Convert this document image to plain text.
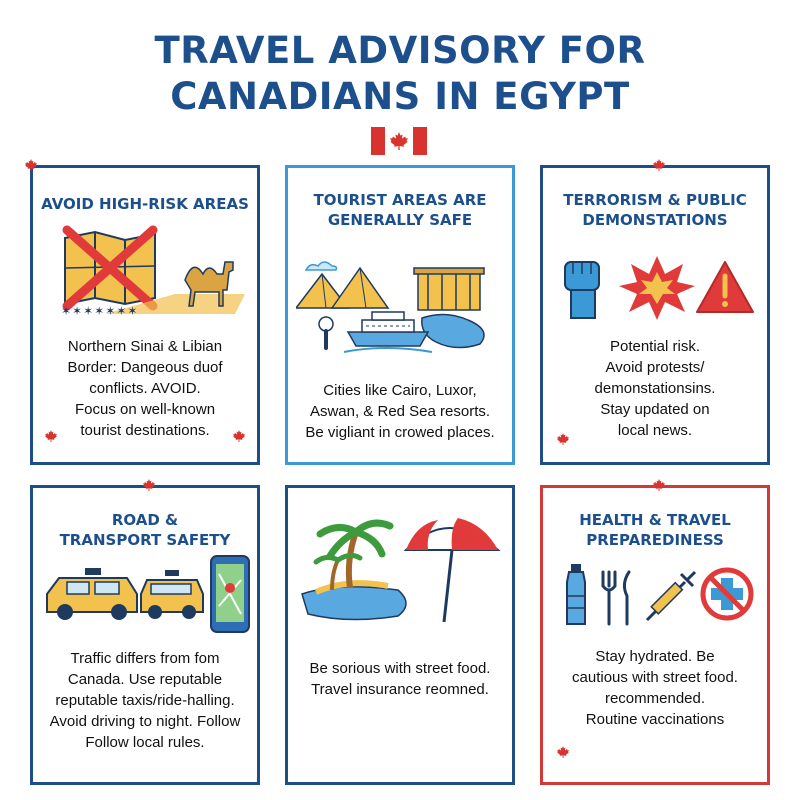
TRAVEL ADVISORY FOR
CANADIANS IN EGYPT
AVOID HIGH-RISK AREAS
✶✶✶✶✶✶✶
Northern Sinai & Libian
Border: Dangeous duof
conflicts. AVOID.
Focus on well-known
tourist destinations.
TOURIST AREAS ARE
GENERALLY SAFE
Cities like Cairo, Luxor,
Aswan, & Red Sea resorts.
Be vigliant in crowed places.
TERRORISM & PUBLIC
DEMONSTATIONS
Potential risk.
Avoid protests/
demonstationsins.
Stay updated on
local news.
ROAD &
TRANSPORT SAFETY
Traffic differs from fom
Canada. Use reputable
reputable taxis/ride-halling.
Avoid driving to night. Follow
Follow local rules.
Be sorious with street food.
Travel insurance reomned.
HEALTH & TRAVEL
PREPAREDINESS
Stay hydrated. Be
cautious with street food.
recommended.
Routine vaccinations
